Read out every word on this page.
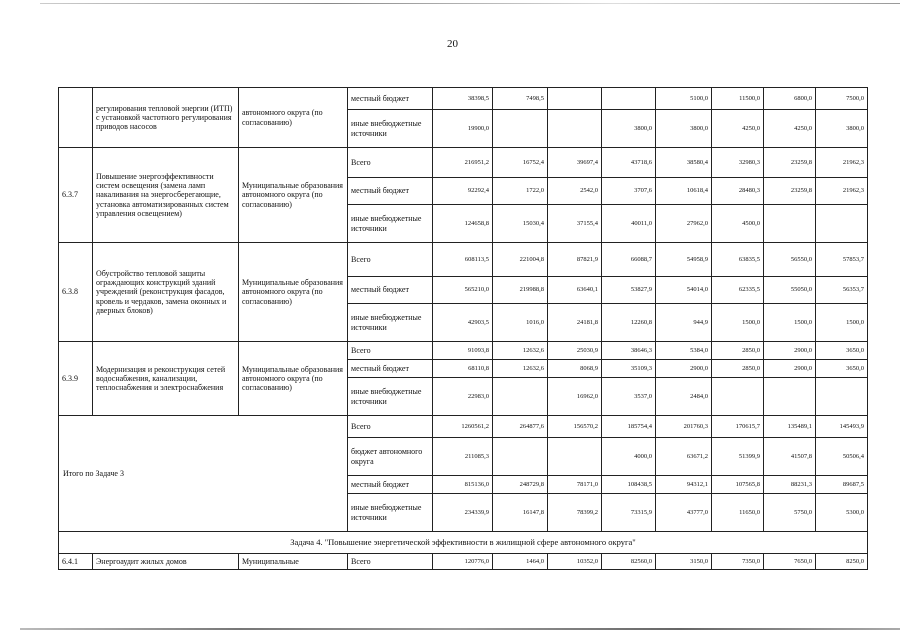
20
	регулирования тепловой энергии (ИТП) с установкой частотного регулирования приводов насосов	автономного округа (по согласованию)	местный бюджет	38398,5	7498,5			5100,0	11500,0	6800,0	7500,0
			иные внебюджетные источники	19900,0			3800,0	3800,0	4250,0	4250,0	3800,0
6.3.7	Повышение энергоэффективности систем освещения (замена ламп накаливания на энергосберегающие, установка автоматизированных систем управления освещением)	Муниципальные образования автономного округа (по согласованию)	Всего	216951,2	16752,4	39697,4	43718,6	38580,4	32980,3	23259,8	21962,3
			местный бюджет	92292,4	1722,0	2542,0	3707,6	10618,4	28480,3	23259,8	21962,3
			иные внебюджетные источники	124658,8	15030,4	37155,4	40011,0	27962,0	4500,0		
6.3.8	Обустройство тепловой защиты ограждающих конструкций зданий учреждений (реконструкция фасадов, кровель и чердаков, замена оконных и дверных блоков)	Муниципальные образования автономного округа (по согласованию)	Всего	608113,5	221004,8	87821,9	66088,7	54958,9	63835,5	56550,0	57853,7
			местный бюджет	565210,0	219988,8	63640,1	53827,9	54014,0	62335,5	55050,0	56353,7
			иные внебюджетные источники	42903,5	1016,0	24181,8	12260,8	944,9	1500,0	1500,0	1500,0
6.3.9	Модернизация и реконструкция сетей водоснабжения, канализации, теплоснабжения и электроснабжения	Муниципальные образования автономного округа (по согласованию)	Всего	91093,8	12632,6	25030,9	38646,3	5384,0	2850,0	2900,0	3650,0
			местный бюджет	68110,8	12632,6	8068,9	35109,3	2900,0	2850,0	2900,0	3650,0
			иные внебюджетные источники	22983,0		16962,0	3537,0	2484,0			
Итого по Задаче 3			Всего	1260561,2	264877,6	156570,2	185754,4	201760,3	170615,7	135489,1	145493,9
			бюджет автономного округа	211085,3			4000,0	63671,2	51399,9	41507,8	50506,4
			местный бюджет	815136,0	248729,8	78171,0	108438,5	94312,1	107565,8	88231,3	89687,5
			иные внебюджетные источники	234339,9	16147,8	78399,2	73315,9	43777,0	11650,0	5750,0	5300,0
Задача 4. "Повышение энергетической эффективности в жилищной сфере автономного округа"											
6.4.1	Энергоаудит жилых домов	Муниципальные	Всего	120776,0	1464,0	10352,0	82560,0	3150,0	7350,0	7650,0	8250,0
